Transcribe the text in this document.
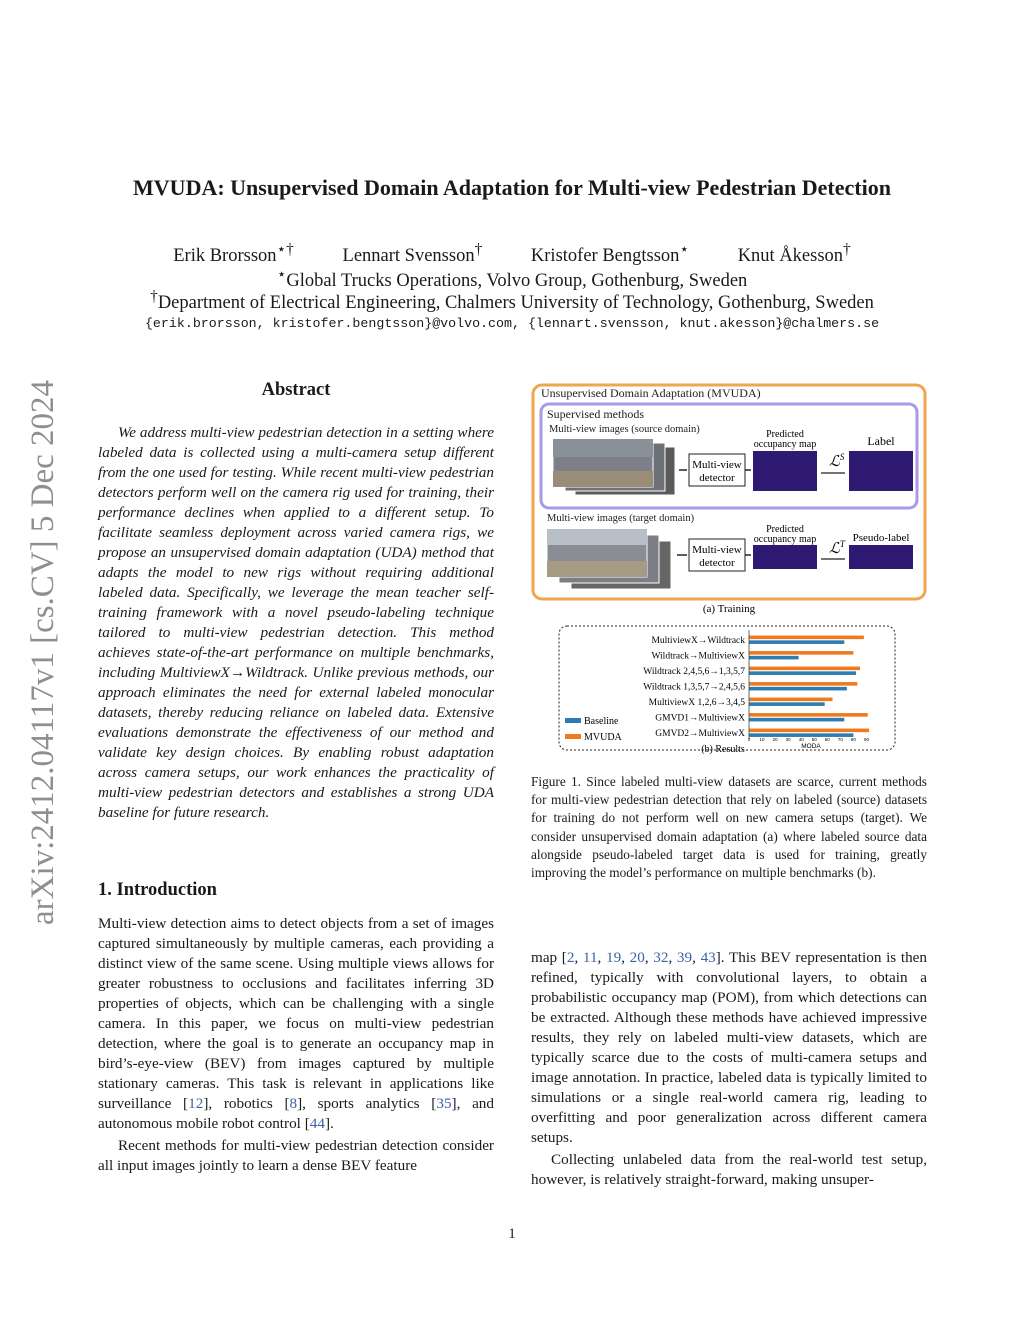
arXiv:2412.04117v1 [cs.CV] 5 Dec 2024
MVUDA: Unsupervised Domain Adaptation for Multi-view Pedestrian Detection
Erik Brorsson⋆†	Lennart Svensson†	Kristofer Bengtsson⋆	Knut Åkesson†
⋆Global Trucks Operations, Volvo Group, Gothenburg, Sweden
†Department of Electrical Engineering, Chalmers University of Technology, Gothenburg, Sweden
{erik.brorsson, kristofer.bengtsson}@volvo.com, {lennart.svensson, knut.akesson}@chalmers.se
Abstract

We address multi-view pedestrian detection in a setting where labeled data is collected using a multi-camera setup different from the one used for testing. While recent multi-view pedestrian detectors perform well on the camera rig used for training, their performance declines when applied to a different setup. To facilitate seamless deployment across varied camera rigs, we propose an unsupervised domain adaptation (UDA) method that adapts the model to new rigs without requiring additional labeled data. Specifically, we leverage the mean teacher self-training framework with a novel pseudo-labeling technique tailored to multi-view pedestrian detection. This method achieves state-of-the-art performance on multiple benchmarks, including MultiviewX→Wildtrack. Unlike previous methods, our approach eliminates the need for external labeled monocular datasets, thereby reducing reliance on labeled data. Extensive evaluations demonstrate the effectiveness of our method and validate key design choices. By enabling robust adaptation across camera setups, our work enhances the practicality of multi-view pedestrian detectors and establishes a strong UDA baseline for future research.

1. Introduction

Multi-view detection aims to detect objects from a set of images captured simultaneously by multiple cameras, each providing a distinct view of the same scene. Using multiple views allows for greater robustness to occlusions and facilitates inferring 3D properties of objects, which can be challenging with a single camera. In this paper, we focus on multi-view pedestrian detection, where the goal is to generate an occupancy map in bird’s-eye-view (BEV) from images captured by multiple stationary cameras. This task is relevant in applications like surveillance [12], robotics [8], sports analytics [35], and autonomous mobile robot control [44].

Recent methods for multi-view pedestrian detection consider all input images jointly to learn a dense BEV feature

map [2, 11, 19, 20, 32, 39, 43]. This BEV representation is then refined, typically with convolutional layers, to obtain a probabilistic occupancy map (POM), from which detections can be extracted. Although these methods have achieved impressive results, they rely on labeled multi-view datasets, which are typically scarce due to the costs of multi-camera setups and image annotation. In practice, labeled data is typically limited to simulations or a single real-world camera rig, leading to overfitting and poor generalization across different camera setups.

Collecting unlabeled data from the real-world test setup, however, is relatively straight-forward, making unsuper-

Unsupervised Domain Adaptation (MVUDA)
Supervised methods
Multi-view images (source domain)
Multi-view
detector
Predicted
occupancy map
ℒ$^S$
Label
Multi-view images (target domain)
Multi-view
detector
Predicted
occupancy map
ℒ$^T$ Pseudo-label
(a) Training
MultiviewX→Wildtrack
Wildtrack→MultiviewX
Wildtrack 2,4,5,6→1,3,5,7
Wildtrack 1,3,5,7→2,4,5,6
MultiviewX 1,2,6→3,4,5
GMVD1→MultiviewX
GMVD2→MultiviewX
0 10 20 30 40 50 60 70 80 90
MODA
Baseline
MVUDA
(b) Results
Figure 1. Since labeled multi-view datasets are scarce, current methods for multi-view pedestrian detection that rely on labeled (source) datasets for training do not perform well on new camera setups (target). We consider unsupervised domain adaptation (a) where labeled source data alongside pseudo-labeled target data is used for training, greatly improving the model’s performance on multiple benchmarks (b).
1
